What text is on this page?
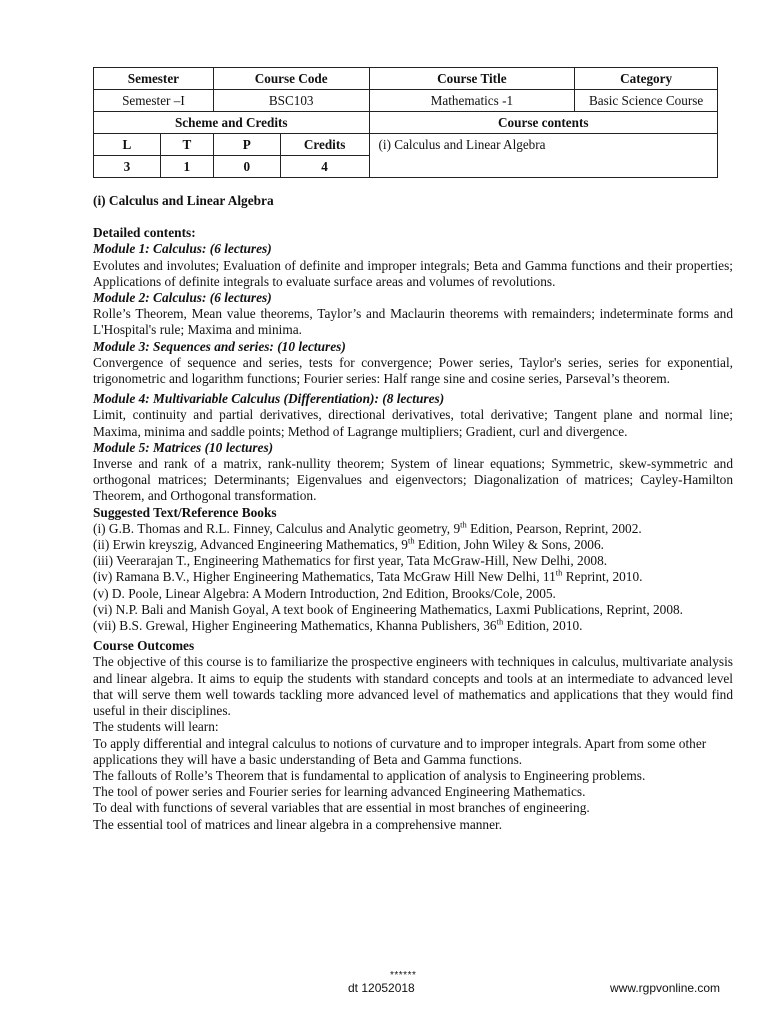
Semester		Course Code		Course Title	Category
Semester –I		BSC103		Mathematics -1	Basic Science Course
Scheme and Credits				Course contents	
L	T	P	Credits	(i) Calculus and Linear Algebra	
3	1	0	4		

(i) Calculus and Linear Algebra

Detailed contents:

Module 1: Calculus: (6 lectures)

Evolutes and involutes; Evaluation of definite and improper integrals; Beta and Gamma functions and their properties; Applications of definite integrals to evaluate surface areas and volumes of revolutions.

Module 2: Calculus: (6 lectures)

Rolle’s Theorem, Mean value theorems, Taylor’s and Maclaurin theorems with remainders; indeterminate forms and L'Hospital's rule; Maxima and minima.

Module 3: Sequences and series: (10 lectures)

Convergence of sequence and series, tests for convergence; Power series, Taylor's series, series for exponential, trigonometric and logarithm functions; Fourier series: Half range sine and cosine series, Parseval’s theorem.

Module 4: Multivariable Calculus (Differentiation): (8 lectures)

Limit, continuity and partial derivatives, directional derivatives, total derivative; Tangent plane and normal line; Maxima, minima and saddle points; Method of Lagrange multipliers; Gradient, curl and divergence.

Module 5: Matrices (10 lectures)

Inverse and rank of a matrix, rank-nullity theorem; System of linear equations; Symmetric, skew-symmetric and orthogonal matrices; Determinants; Eigenvalues and eigenvectors; Diagonalization of matrices; Cayley-Hamilton Theorem, and Orthogonal transformation.

Suggested Text/Reference Books

(i) G.B. Thomas and R.L. Finney, Calculus and Analytic geometry, 9th Edition, Pearson, Reprint, 2002.

(ii) Erwin kreyszig, Advanced Engineering Mathematics, 9th Edition, John Wiley & Sons, 2006.

(iii) Veerarajan T., Engineering Mathematics for first year, Tata McGraw-Hill, New Delhi, 2008.

(iv) Ramana B.V., Higher Engineering Mathematics, Tata McGraw Hill New Delhi, 11th Reprint, 2010.

(v) D. Poole, Linear Algebra: A Modern Introduction, 2nd Edition, Brooks/Cole, 2005.

(vi) N.P. Bali and Manish Goyal, A text book of Engineering Mathematics, Laxmi Publications, Reprint, 2008.

(vii) B.S. Grewal, Higher Engineering Mathematics, Khanna Publishers, 36th Edition, 2010.

Course Outcomes

The objective of this course is to familiarize the prospective engineers with techniques in calculus, multivariate analysis and linear algebra. It aims to equip the students with standard concepts and tools at an intermediate to advanced level that will serve them well towards tackling more advanced level of mathematics and applications that they would find useful in their disciplines.

The students will learn:

To apply differential and integral calculus to notions of curvature and to improper integrals. Apart from some other applications they will have a basic understanding of Beta and Gamma functions.

The fallouts of Rolle’s Theorem that is fundamental to application of analysis to Engineering problems.

The tool of power series and Fourier series for learning advanced Engineering Mathematics.

To deal with functions of several variables that are essential in most branches of engineering.

The essential tool of matrices and linear algebra in a comprehensive manner.

******
dt 12052018	www.rgpvonline.com
